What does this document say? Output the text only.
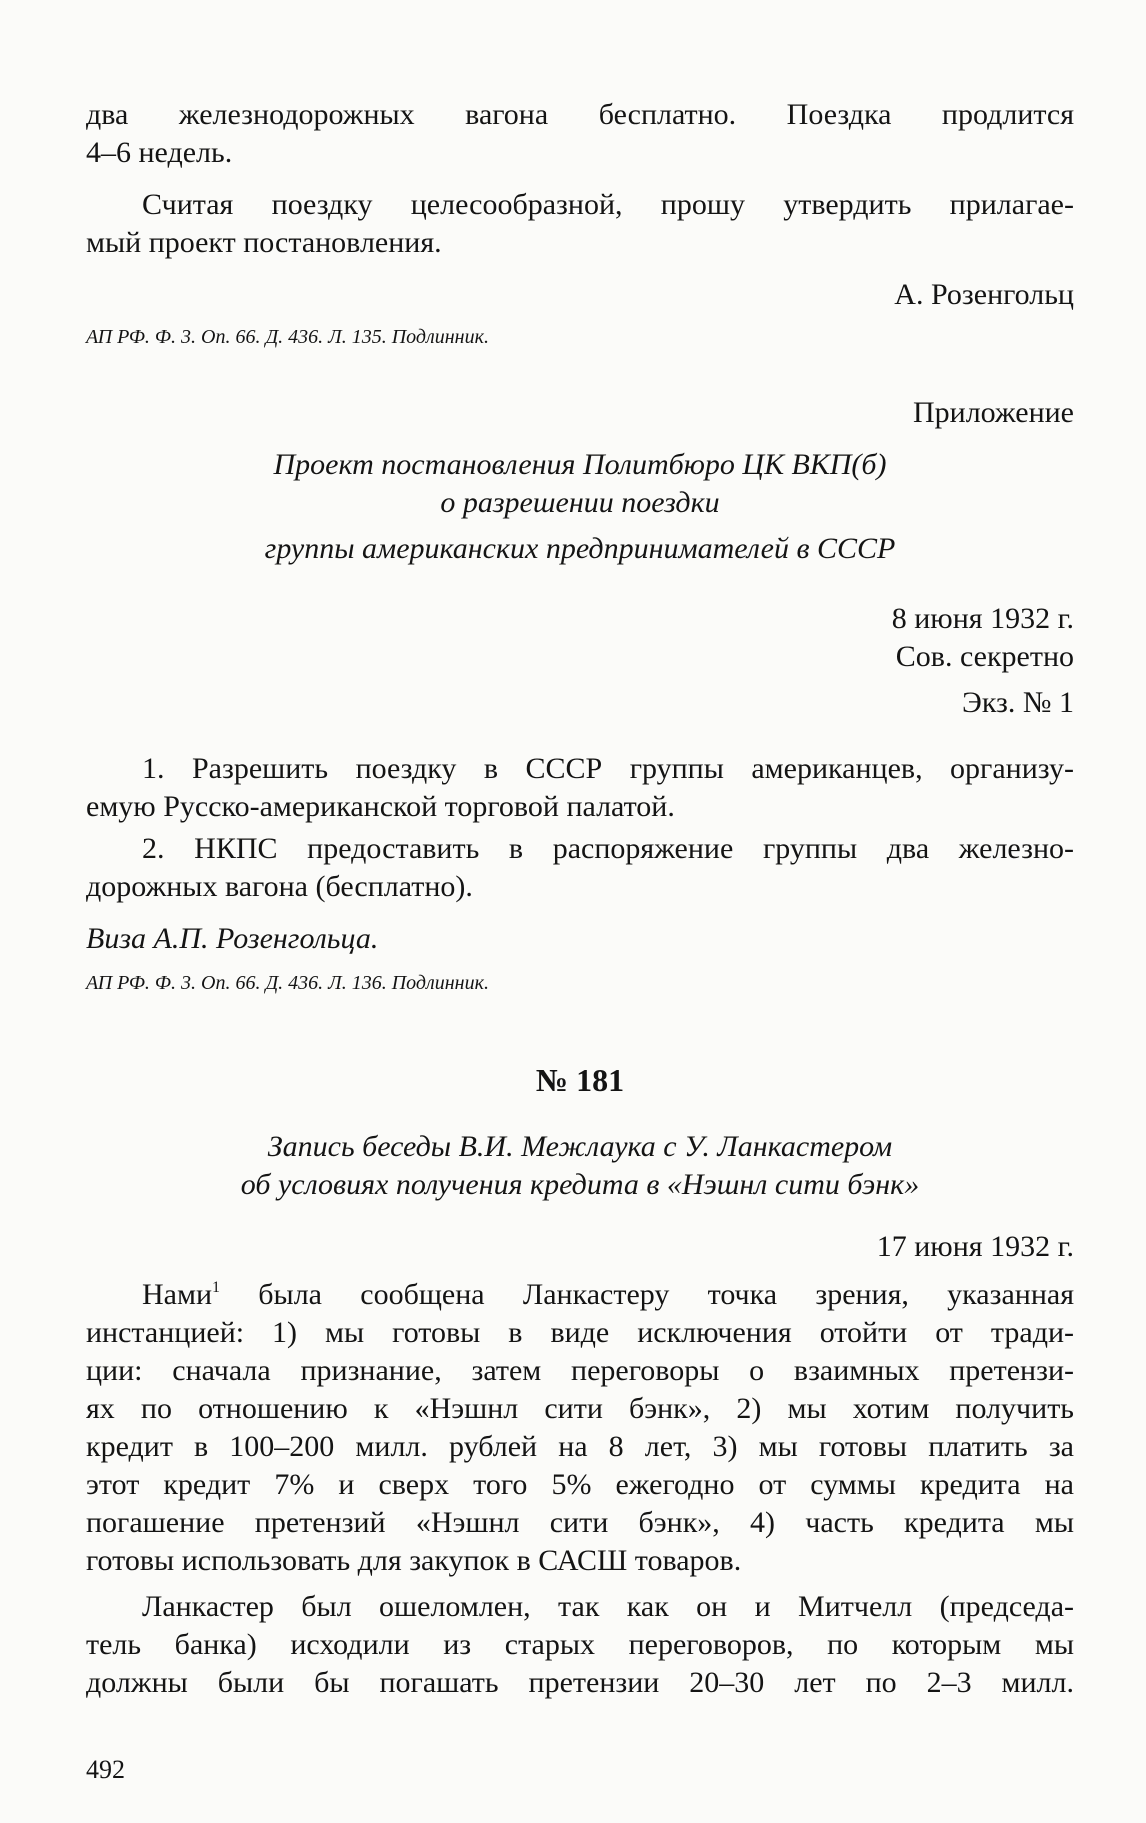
два железнодорожных вагона бесплатно. Поездка продлится

4–6 недель.

Считая поездку целесообразной, прошу утвердить прилагае-

мый проект постановления.

А. Розенгольц

АП РФ. Ф. 3. Оп. 66. Д. 436. Л. 135. Подлинник.

Приложение

Проект постановления Политбюро ЦК ВКП(б)

о разрешении поездки

группы американских предпринимателей в СССР

8 июня 1932 г.

Сов. секретно

Экз. № 1

1. Разрешить поездку в СССР группы американцев, организу-

емую Русско-американской торговой палатой.

2. НКПС предоставить в распоряжение группы два железно-

дорожных вагона (бесплатно).

Виза А.П. Розенгольца.

АП РФ. Ф. 3. Оп. 66. Д. 436. Л. 136. Подлинник.

№ 181

Запись беседы В.И. Межлаука с У. Ланкастером

об условиях получения кредита в «Нэшнл сити бэнк»

17 июня 1932 г.

Нами$^1$ была сообщена Ланкастеру точка зрения, указанная

инстанцией: 1) мы готовы в виде исключения отойти от тради-

ции: сначала признание, затем переговоры о взаимных претензи-

ях по отношению к «Нэшнл сити бэнк», 2) мы хотим получить

кредит в 100–200 милл. рублей на 8 лет, 3) мы готовы платить за

этот кредит 7% и сверх того 5% ежегодно от суммы кредита на

погашение претензий «Нэшнл сити бэнк», 4) часть кредита мы

готовы использовать для закупок в САСШ товаров.

Ланкастер был ошеломлен, так как он и Митчелл (председа-

тель банка) исходили из старых переговоров, по которым мы

должны были бы погашать претензии 20–30 лет по 2–3 милл.

492
